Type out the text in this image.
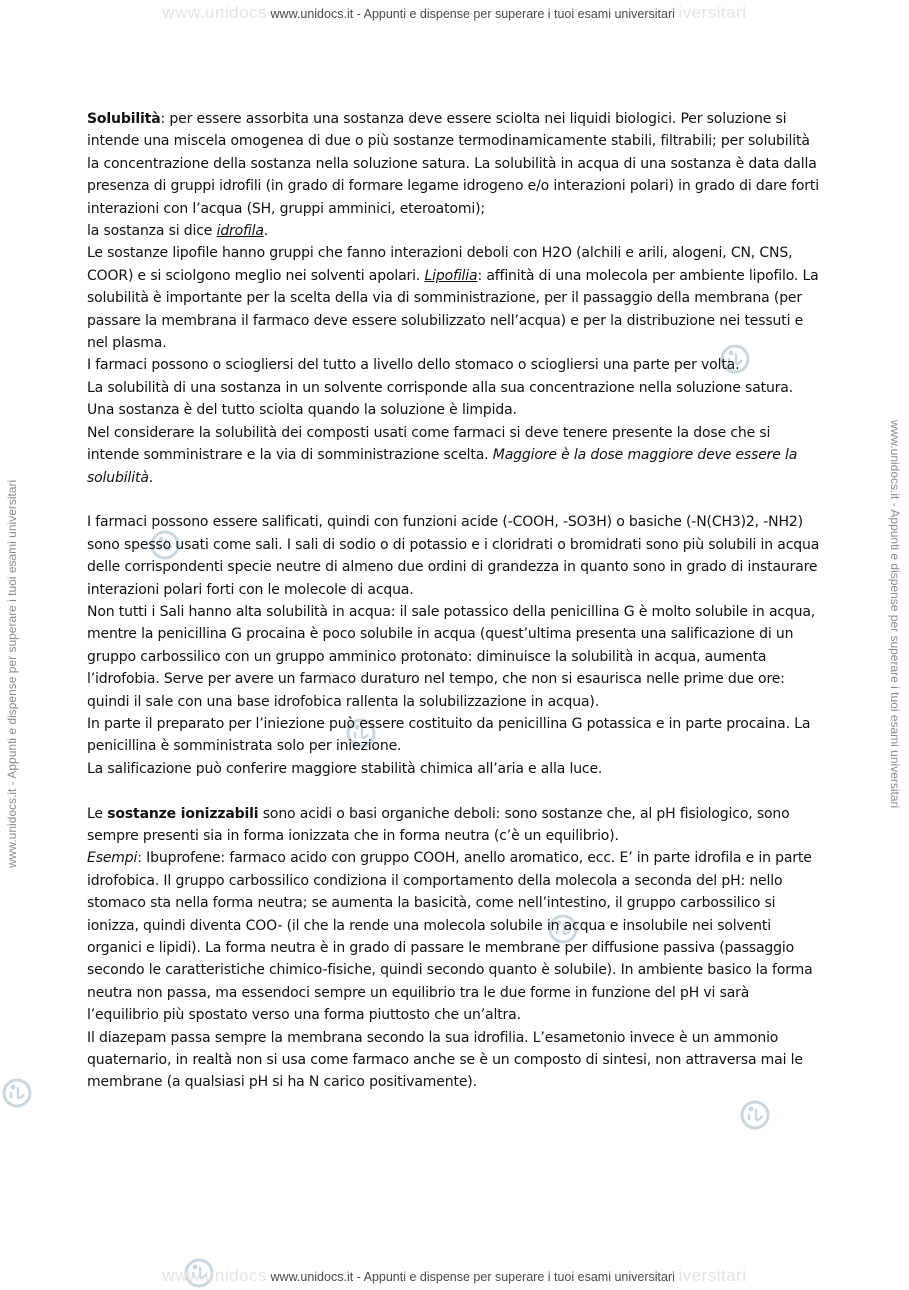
www.unidocs www.unidocs.it - Appunti e dispense per superare i tuoi esami universitari iversitari
www.unidocs.it - Appunti e dispense per superare i tuoi esami universitari	www.unidocs.it - Appunti e dispense per superare i tuoi esami universitari

Solubilità: per essere assorbita una sostanza deve essere sciolta nei liquidi biologici. Per soluzione si intende una miscela omogenea di due o più sostanze termodinamicamente stabili, filtrabili; per solubilità la concentrazione della sostanza nella soluzione satura. La solubilità in acqua di una sostanza è data dalla presenza di gruppi idrofili (in grado di formare legame idrogeno e/o interazioni polari) in grado di dare forti interazioni con l’acqua (SH, gruppi amminici, eteroatomi);
la sostanza si dice idrofila.

Le sostanze lipofile hanno gruppi che fanno interazioni deboli con H2O (alchili e arili, alogeni, CN, CNS, COOR) e si sciolgono meglio nei solventi apolari. Lipofilia: affinità di una molecola per ambiente lipofilo. La solubilità è importante per la scelta della via di somministrazione, per il passaggio della membrana (per passare la membrana il farmaco deve essere solubilizzato nell’acqua) e per la distribuzione nei tessuti e nel plasma.

I farmaci possono o sciogliersi del tutto a livello dello stomaco o sciogliersi una parte per volta.

La solubilità di una sostanza in un solvente corrisponde alla sua concentrazione nella soluzione satura. Una sostanza è del tutto sciolta quando la soluzione è limpida.

Nel considerare la solubilità dei composti usati come farmaci si deve tenere presente la dose che si intende somministrare e la via di somministrazione scelta. Maggiore è la dose maggiore deve essere la solubilità.

I farmaci possono essere salificati, quindi con funzioni acide (-COOH, -SO3H) o basiche (-N(CH3)2, -NH2) sono spesso usati come sali. I sali di sodio o di potassio e i cloridrati o bromidrati sono più solubili in acqua delle corrispondenti specie neutre di almeno due ordini di grandezza in quanto sono in grado di instaurare interazioni polari forti con le molecole di acqua.

Non tutti i Sali hanno alta solubilità in acqua: il sale potassico della penicillina G è molto solubile in acqua, mentre la penicillina G procaina è poco solubile in acqua (quest’ultima presenta una salificazione di un gruppo carbossilico con un gruppo amminico protonato: diminuisce la solubilità in acqua, aumenta l’idrofobia. Serve per avere un farmaco duraturo nel tempo, che non si esaurisca nelle prime due ore: quindi il sale con una base idrofobica rallenta la solubilizzazione in acqua).

In parte il preparato per l’iniezione può essere costituito da penicillina G potassica e in parte procaina. La penicillina è somministrata solo per iniezione.

La salificazione può conferire maggiore stabilità chimica all’aria e alla luce.

Le sostanze ionizzabili sono acidi o basi organiche deboli: sono sostanze che, al pH fisiologico, sono sempre presenti sia in forma ionizzata che in forma neutra (c’è un equilibrio).

Esempi: Ibuprofene: farmaco acido con gruppo COOH, anello aromatico, ecc. E’ in parte idrofila e in parte idrofobica. Il gruppo carbossilico condiziona il comportamento della molecola a seconda del pH: nello stomaco sta nella forma neutra; se aumenta la basicità, come nell’intestino, il gruppo carbossilico si ionizza, quindi diventa COO- (il che la rende una molecola solubile in acqua e insolubile nei solventi organici e lipidi). La forma neutra è in grado di passare le membrane per diffusione passiva (passaggio secondo le caratteristiche chimico-fisiche, quindi secondo quanto è solubile). In ambiente basico la forma neutra non passa, ma essendoci sempre un equilibrio tra le due forme in funzione del pH vi sarà l’equilibrio più spostato verso una forma piuttosto che un’altra.

Il diazepam passa sempre la membrana secondo la sua idrofilia. L’esametonio invece è un ammonio quaternario, in realtà non si usa come farmaco anche se è un composto di sintesi, non attraversa mai le membrane (a qualsiasi pH si ha N carico positivamente).

www.unidocs www.unidocs.it - Appunti e dispense per superare i tuoi esami universitari iversitari
